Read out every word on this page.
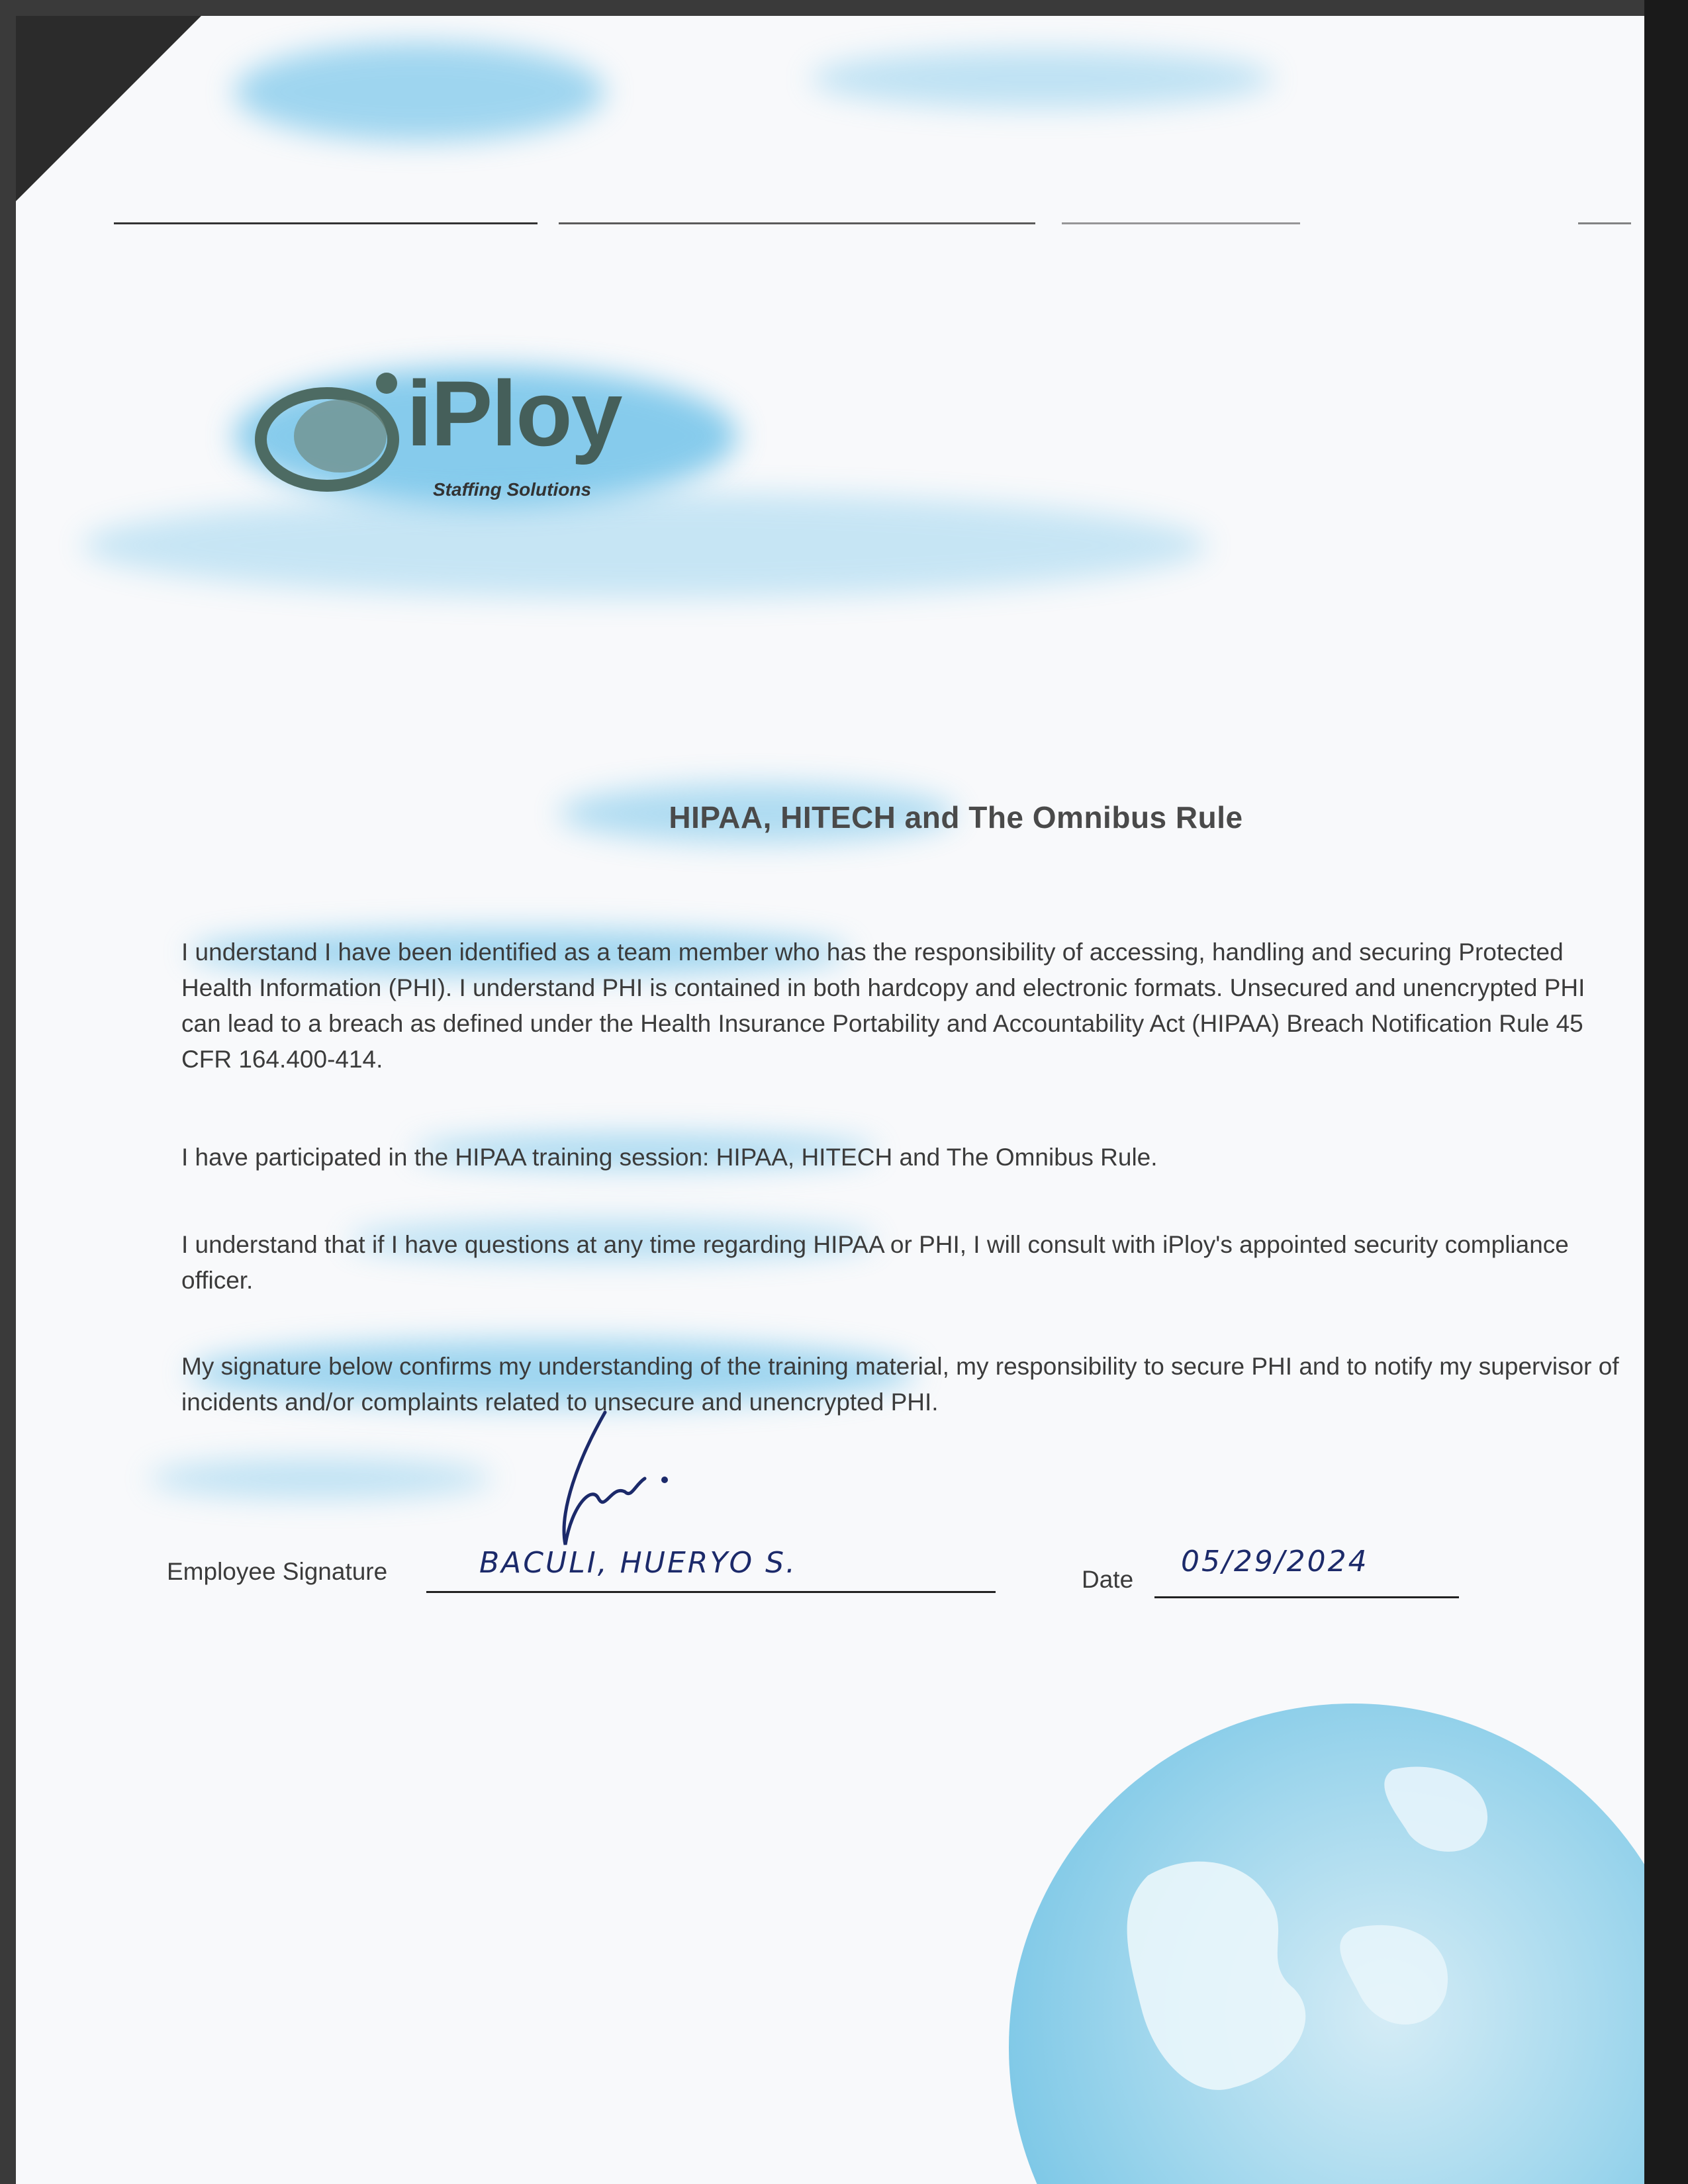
iPloy
Staffing Solutions
HIPAA, HITECH and The Omnibus Rule

I understand I have been identified as a team member who has the responsibility of accessing, handling and securing Protected Health Information (PHI). I understand PHI is contained in both hardcopy and electronic formats. Unsecured and unencrypted PHI can lead to a breach as defined under the Health Insurance Portability and Accountability Act (HIPAA) Breach Notification Rule 45 CFR 164.400-414.

I have participated in the HIPAA training session: HIPAA, HITECH and The Omnibus Rule.

I understand that if I have questions at any time regarding HIPAA or PHI, I will consult with iPloy's appointed security compliance officer.

My signature below confirms my understanding of the training material, my responsibility to secure PHI and to notify my supervisor of incidents and/or complaints related to unsecure and unencrypted PHI.

Employee Signature	BACULI, HUERYO S.	Date
05/29/2024
